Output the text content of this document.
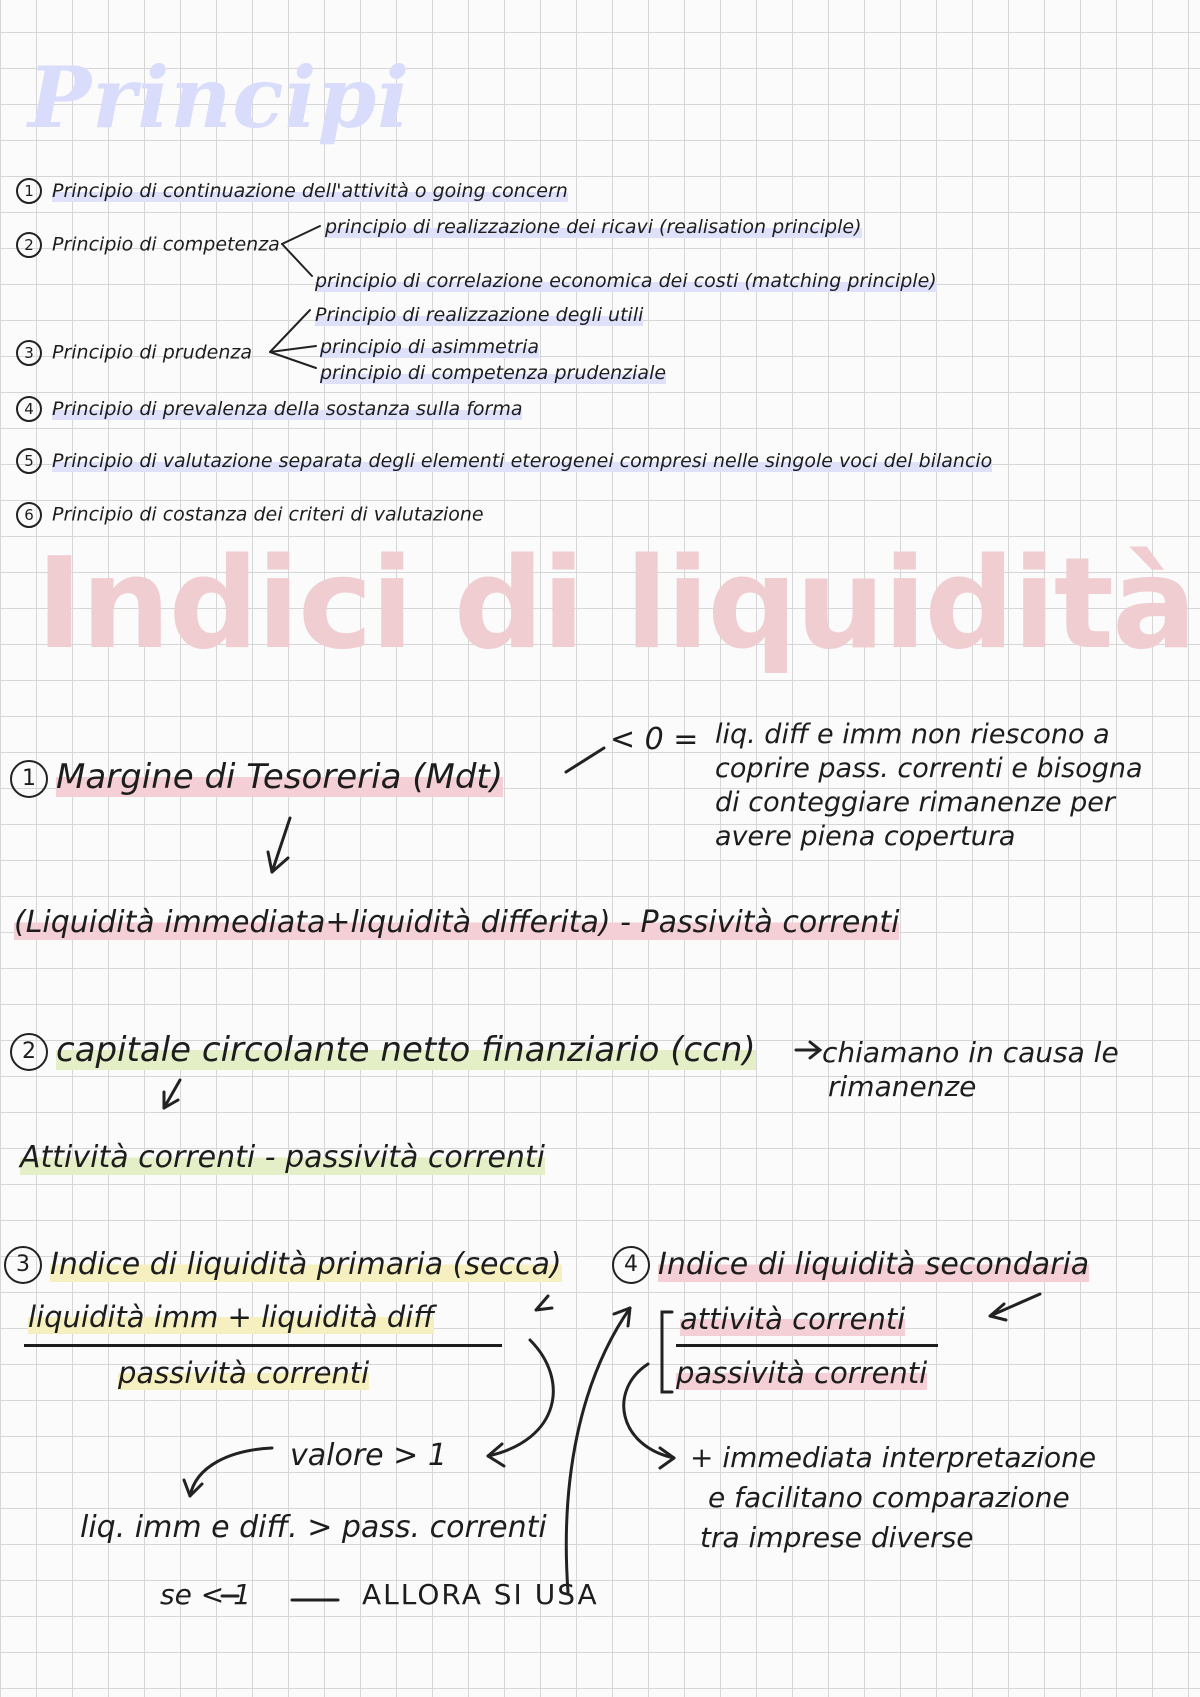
Principi
1 Principio di continuazione dell'attività o going concern
2 Principio di competenza
principio di realizzazione dei ricavi (realisation principle)
principio di correlazione economica dei costi (matching principle)
3 Principio di prudenza
Principio di realizzazione degli utili
principio di asimmetria
principio di competenza prudenziale
4 Principio di prevalenza della sostanza sulla forma
5 Principio di valutazione separata degli elementi eterogenei compresi nelle singole voci del bilancio
6 Principio di costanza dei criteri di valutazione
Indici di liquidità
1 Margine di Tesoreria (Mdt)
< 0 = liq. diff e imm non riescono a
coprire pass. correnti e bisogna
di conteggiare rimanenze per
avere piena copertura
(Liquidità immediata+liquidità differita) - Passività correnti
2 capitale circolante netto finanziario (ccn) chiamano in causa le
rimanenze
Attività correnti - passività correnti
3 Indice di liquidità primaria (secca)
liquidità imm + liquidità diff
passività correnti
valore > 1
liq. imm e diff. > pass. correnti
se < 1	ALLORA SI USA
4 Indice di liquidità secondaria
attività correnti
passività correnti
+ immediata interpretazione
e facilitano comparazione
tra imprese diverse
